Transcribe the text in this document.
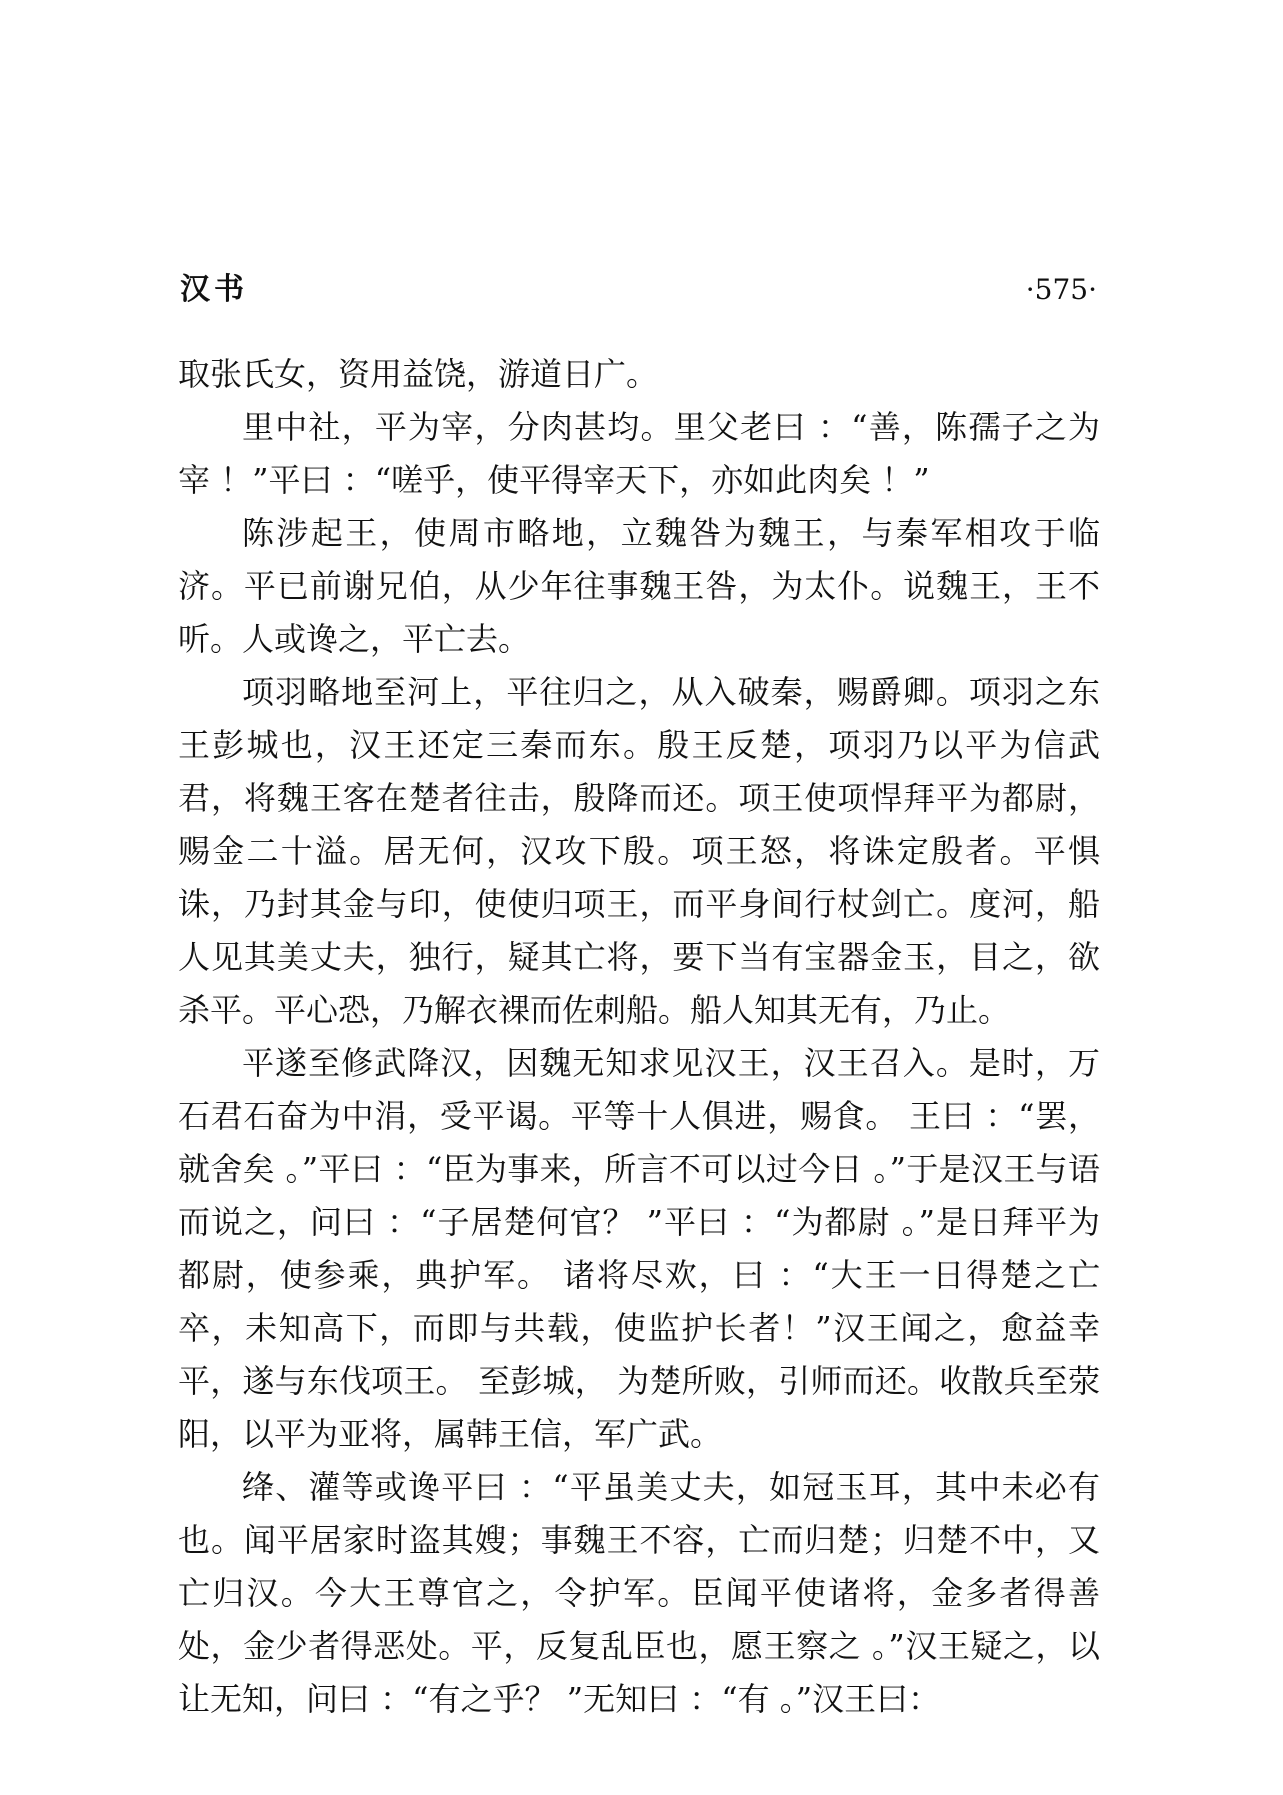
汉书	·575·

取张氏女，资用益饶，游道日广。

里中社，平为宰，分肉甚均。里父老曰 ：“善，陈孺子之为宰 ！”平曰 ：“嗟乎，使平得宰天下，亦如此肉矣 ！”

陈涉起王，使周市略地，立魏咎为魏王，与秦军相攻于临济。平已前谢兄伯，从少年往事魏王咎，为太仆。说魏王，王不听。人或谗之，平亡去。

项羽略地至河上，平往归之，从入破秦，赐爵卿。项羽之东王彭城也，汉王还定三秦而东。殷王反楚，项羽乃以平为信武君，将魏王客在楚者往击，殷降而还。项王使项悍拜平为都尉，赐金二十溢。居无何，汉攻下殷。项王怒，将诛定殷者。平惧诛，乃封其金与印，使使归项王，而平身间行杖剑亡。度河，船人见其美丈夫，独行，疑其亡将，要下当有宝器金玉，目之，欲杀平。平心恐，乃解衣裸而佐刺船。船人知其无有，乃止。

平遂至修武降汉，因魏无知求见汉王，汉王召入。是时，万石君石奋为中涓，受平谒。平等十人俱进，赐食。 王曰 ：“罢，就舍矣 。”平曰 ：“臣为事来，所言不可以过今日 。”于是汉王与语而说之，问曰 ：“子居楚何官？ ”平曰 ：“为都尉 。”是日拜平为都尉，使参乘，典护军。 诸将尽欢，曰 ：“大王一日得楚之亡卒，未知高下，而即与共载，使监护长者！”汉王闻之，愈益幸平，遂与东伐项王。 至彭城， 为楚所败，引师而还。收散兵至荥阳，以平为亚将，属韩王信，军广武。

绛、灌等或谗平曰 ：“平虽美丈夫，如冠玉耳，其中未必有也。闻平居家时盗其嫂；事魏王不容，亡而归楚；归楚不中，又亡归汉。今大王尊官之，令护军。臣闻平使诸将，金多者得善处，金少者得恶处。平，反复乱臣也，愿王察之 。”汉王疑之，以让无知，问曰 ：“有之乎？ ”无知曰 ：“有 。”汉王曰：
